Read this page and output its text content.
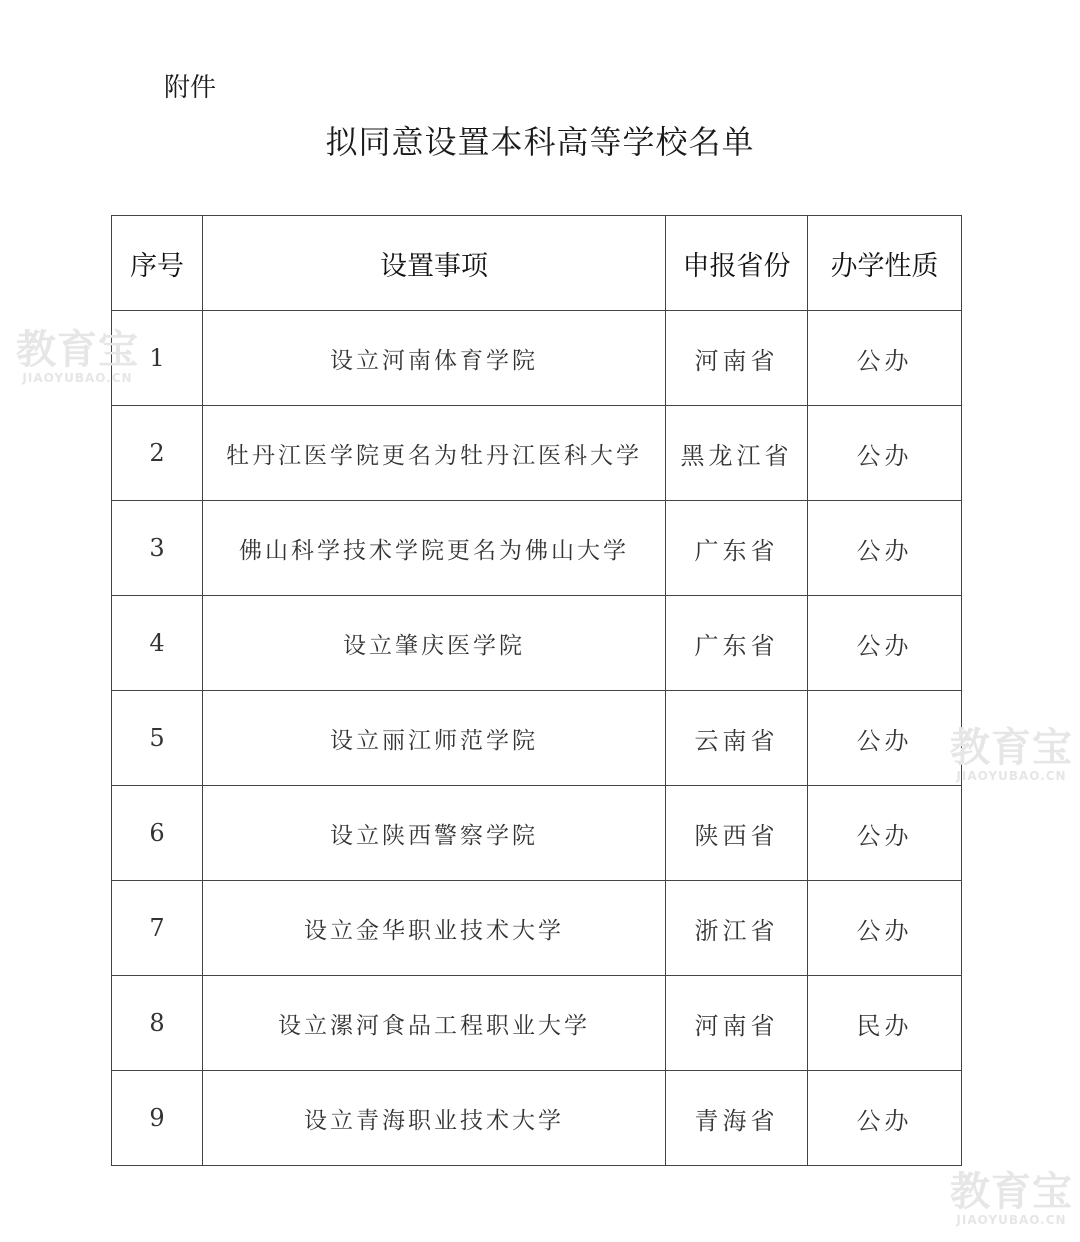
附件
拟同意设置本科高等学校名单
序号	设置事项	申报省份	办学性质
1	设立河南体育学院	河南省	公办
2	牡丹江医学院更名为牡丹江医科大学	黑龙江省	公办
3	佛山科学技术学院更名为佛山大学	广东省	公办
4	设立肇庆医学院	广东省	公办
5	设立丽江师范学院	云南省	公办
6	设立陕西警察学院	陕西省	公办
7	设立金华职业技术大学	浙江省	公办
8	设立漯河食品工程职业大学	河南省	民办
9	设立青海职业技术大学	青海省	公办
教育宝
JIAOYUBAO.CN
教育宝
JIAOYUBAO.CN
教育宝
JIAOYUBAO.CN
